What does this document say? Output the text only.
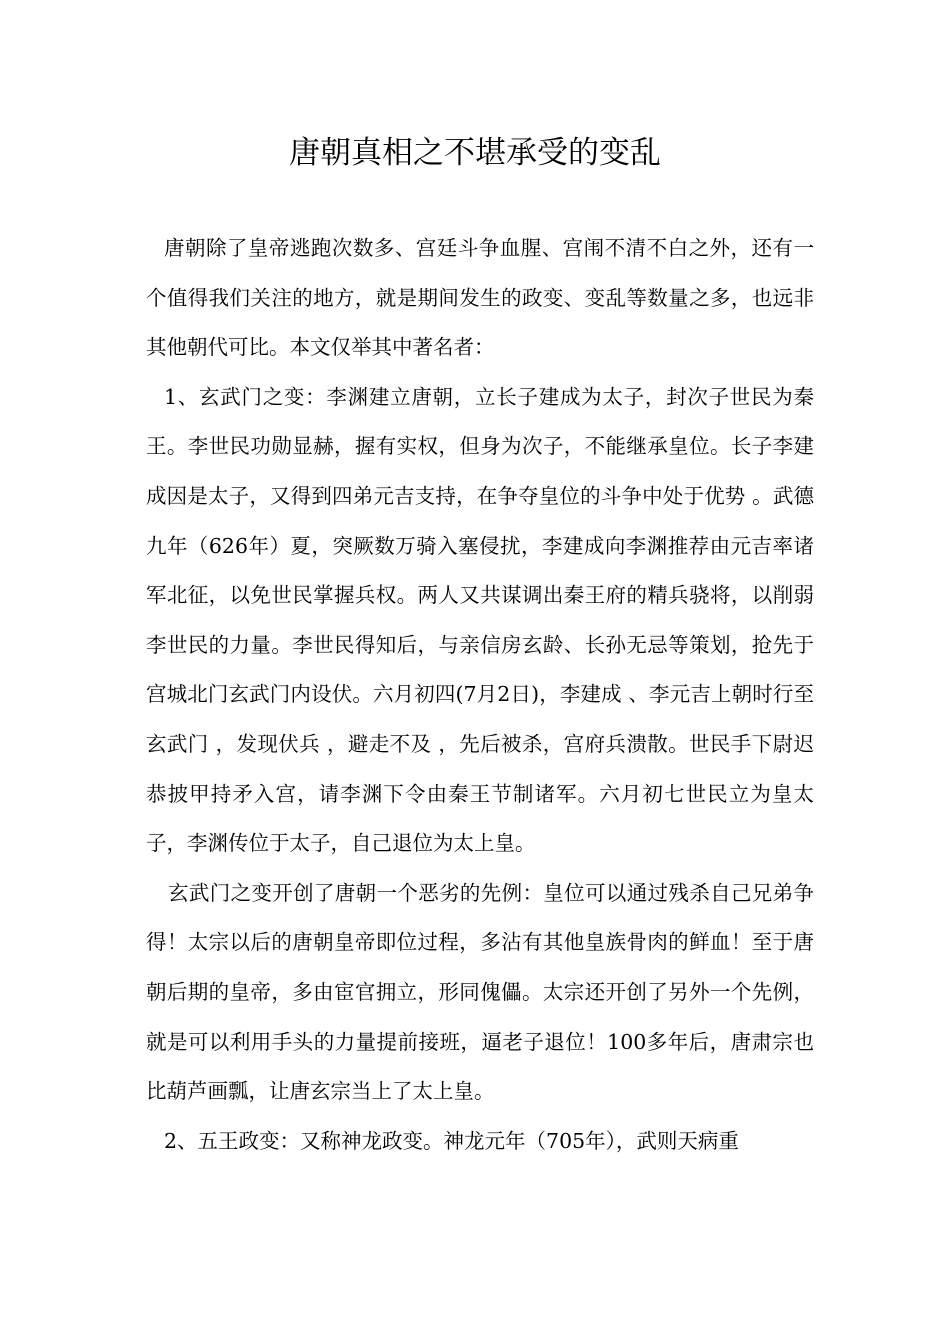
唐朝真相之不堪承受的变乱

唐朝除了皇帝逃跑次数多、宫廷斗争血腥、宫闱不清不白之外，还有一个值得我们关注的地方，就是期间发生的政变、变乱等数量之多，也远非其他朝代可比。本文仅举其中著名者：

1、玄武门之变：李渊建立唐朝，立长子建成为太子，封次子世民为秦王。李世民功勋显赫，握有实权，但身为次子，不能继承皇位。长子李建成因是太子，又得到四弟元吉支持，在争夺皇位的斗争中处于优势 。武德九年（626年）夏，突厥数万骑入塞侵扰，李建成向李渊推荐由元吉率诸军北征，以免世民掌握兵权。两人又共谋调出秦王府的精兵骁将，以削弱李世民的力量。李世民得知后，与亲信房玄龄、长孙无忌等策划，抢先于宫城北门玄武门内设伏。六月初四(7月2日)，李建成 、李元吉上朝时行至玄武门 ，发现伏兵 ，避走不及 ，先后被杀，宫府兵溃散。世民手下尉迟恭披甲持矛入宫，请李渊下令由秦王节制诸军。六月初七世民立为皇太子，李渊传位于太子，自己退位为太上皇。

玄武门之变开创了唐朝一个恶劣的先例：皇位可以通过残杀自己兄弟争得！太宗以后的唐朝皇帝即位过程，多沾有其他皇族骨肉的鲜血！至于唐朝后期的皇帝，多由宦官拥立，形同傀儡。太宗还开创了另外一个先例，就是可以利用手头的力量提前接班，逼老子退位！100多年后，唐肃宗也比葫芦画瓢，让唐玄宗当上了太上皇。

2、五王政变：又称神龙政变。神龙元年（705年），武则天病重
